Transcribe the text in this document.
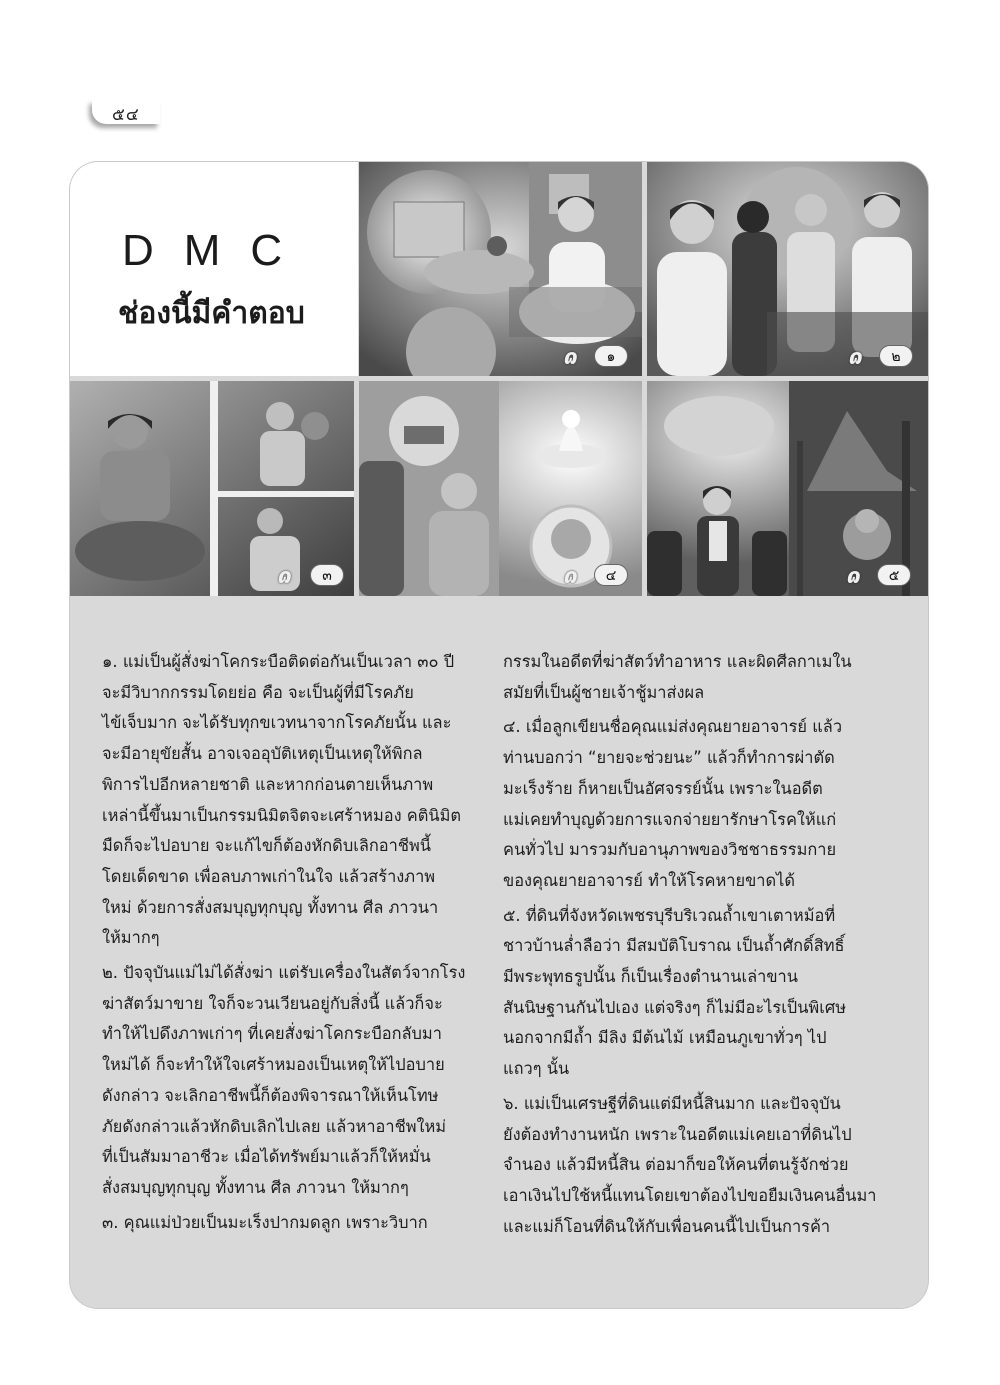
๕๔
DMC
ช่องนี้มีคำตอบ
ɷ	๑	ɷ	๒
ɷ	๓	ɷ	๔	ɷ	๕

๑. แม่เป็นผู้สั่งฆ่าโคกระบือติดต่อกันเป็นเวลา ๓๐ ปี
จะมีวิบากกรรมโดยย่อ คือ จะเป็นผู้ที่มีโรคภัย
ไข้เจ็บมาก จะได้รับทุกขเวทนาจากโรคภัยนั้น และ
จะมีอายุขัยสั้น อาจเจออุบัติเหตุเป็นเหตุให้พิกล
พิการไปอีกหลายชาติ และหากก่อนตายเห็นภาพ
เหล่านี้ขึ้นมาเป็นกรรมนิมิตจิตจะเศร้าหมอง คตินิมิต
มืดก็จะไปอบาย จะแก้ไขก็ต้องหักดิบเลิกอาชีพนี้
โดยเด็ดขาด เพื่อลบภาพเก่าในใจ แล้วสร้างภาพ
ใหม่ ด้วยการสั่งสมบุญทุกบุญ ทั้งทาน ศีล ภาวนา
ให้มากๆ

๒. ปัจจุบันแม่ไม่ได้สั่งฆ่า แต่รับเครื่องในสัตว์จากโรง
ฆ่าสัตว์มาขาย ใจก็จะวนเวียนอยู่กับสิ่งนี้ แล้วก็จะ
ทำให้ไปดึงภาพเก่าๆ ที่เคยสั่งฆ่าโคกระบือกลับมา
ใหม่ได้ ก็จะทำให้ใจเศร้าหมองเป็นเหตุให้ไปอบาย
ดังกล่าว จะเลิกอาชีพนี้ก็ต้องพิจารณาให้เห็นโทษ
ภัยดังกล่าวแล้วหักดิบเลิกไปเลย แล้วหาอาชีพใหม่
ที่เป็นสัมมาอาชีวะ เมื่อได้ทรัพย์มาแล้วก็ให้หมั่น
สั่งสมบุญทุกบุญ ทั้งทาน ศีล ภาวนา ให้มากๆ

๓. คุณแม่ป่วยเป็นมะเร็งปากมดลูก เพราะวิบาก

กรรมในอดีตที่ฆ่าสัตว์ทำอาหาร และผิดศีลกาเมใน
สมัยที่เป็นผู้ชายเจ้าชู้มาส่งผล

๔. เมื่อลูกเขียนชื่อคุณแม่ส่งคุณยายอาจารย์ แล้ว
ท่านบอกว่า “ยายจะช่วยนะ” แล้วก็ทำการผ่าตัด
มะเร็งร้าย ก็หายเป็นอัศจรรย์นั้น เพราะในอดีต
แม่เคยทำบุญด้วยการแจกจ่ายยารักษาโรคให้แก่
คนทั่วไป มารวมกับอานุภาพของวิชชาธรรมกาย
ของคุณยายอาจารย์ ทำให้โรคหายขาดได้

๕. ที่ดินที่จังหวัดเพชรบุรีบริเวณถ้ำเขาเตาหม้อที่
ชาวบ้านล่ำลือว่า มีสมบัติโบราณ เป็นถ้ำศักดิ์สิทธิ์
มีพระพุทธรูปนั้น ก็เป็นเรื่องตำนานเล่าขาน
สันนิษฐานกันไปเอง แต่จริงๆ ก็ไม่มีอะไรเป็นพิเศษ
นอกจากมีถ้ำ มีลิง มีต้นไม้ เหมือนภูเขาทั่วๆ ไป
แถวๆ นั้น

๖. แม่เป็นเศรษฐีที่ดินแต่มีหนี้สินมาก และปัจจุบัน
ยังต้องทำงานหนัก เพราะในอดีตแม่เคยเอาที่ดินไป
จำนอง แล้วมีหนี้สิน ต่อมาก็ขอให้คนที่ตนรู้จักช่วย
เอาเงินไปใช้หนี้แทนโดยเขาต้องไปขอยืมเงินคนอื่นมา
และแม่ก็โอนที่ดินให้กับเพื่อนคนนี้ไปเป็นการค้า
